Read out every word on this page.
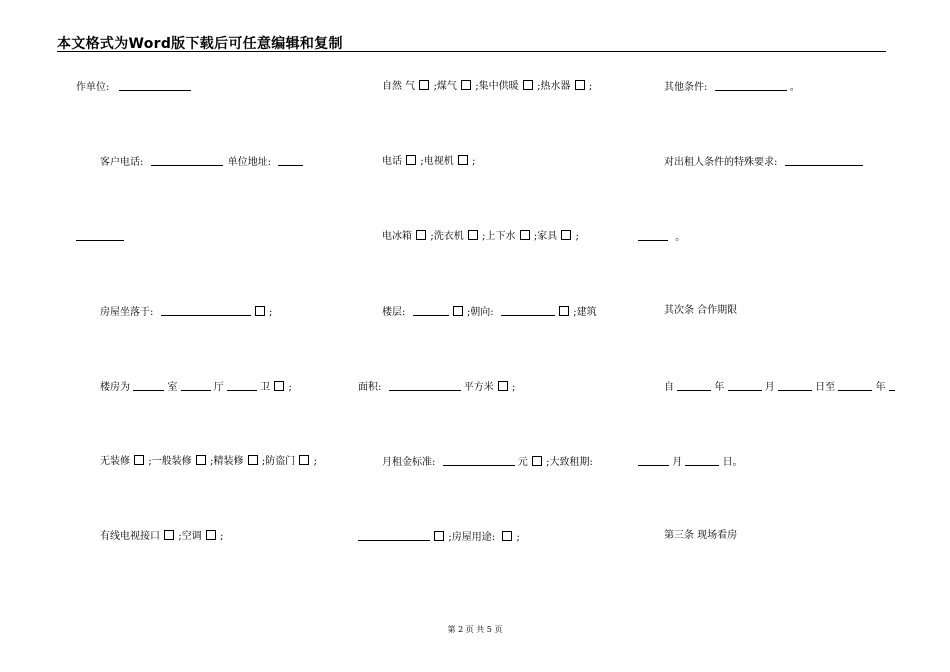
本文格式为Word版下载后可任意编辑和复制
作单位:
客户电话:	单位地址:
房屋坐落于:	;
楼房为	室	厅	卫 ;
无装修 ;一般装修 ;精装修 ;防盗门 ;
有线电视接口 ;空调 ;
自然 气 ;煤气 ;集中供暖 ;热水器 ;
电话 ;电视机 ;
电冰箱 ;洗衣机 ;上下水 ;家具 ;
楼层:	;朝向:	;建筑
面积:	平方米 ;
月租金标准:	元 ;大致租期:
;房屋用途: ;
其他条件:	。
对出租人条件的特殊要求:
。
其次条 合作期限
自	年	月	日至	年
月	日。
第三条 现场看房
第 2 页 共 5 页
